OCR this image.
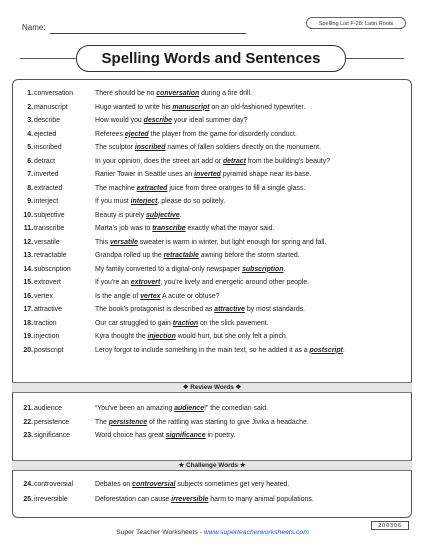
Name:	Spelling List F-28: Latin Roots
Spelling Words and Sentences
1. conversation	There should be no conversation during a fire drill.
2. manuscript	Hugo wanted to write his manuscript on an old-fashioned typewriter.
3. describe	How would you describe your ideal summer day?
4. ejected	Referees ejected the player from the game for disorderly conduct.
5. inscribed	The sculptor inscribed names of fallen soldiers directly on the monument.
6. detract	In your opinion, does the street art add or detract from the building's beauty?
7. inverted	Ranier Tower in Seattle uses an inverted pyramid shape near its base.
8. extracted	The machine extracted juice from three oranges to fill a single glass.
9. interject	If you must interject, please do so politely.
10. subjective	Beauty is purely subjective.
11. transcribe	Marta's job was to transcribe exactly what the mayor said.
12. versatile	This versatile sweater is warm in winter, but light enough for spring and fall.
13. retractable	Grandpa rolled up the retractable awning before the storm started.
14. subscription	My family converted to a digital-only newspaper subscription.
15. extrovert	If you're an extrovert, you're lively and energetic around other people.
16. vertex	Is the angle of vertex A acute or obtuse?
17. attractive	The book's protagonist is described as attractive by most standards.
18. traction	Our car struggled to gain traction on the slick pavement.
19. injection	Kyra thought the injection would hurt, but she only felt a pinch.
20. postscript	Leroy forgot to include something in the main text, so he added it as a postscript.
❖ Review Words ❖
21. audience	“You've been an amazing audience!” the comedian said.
22. persistence	The persistence of the rattling was starting to give Jivika a headache.
23. significance	Word choice has great significance in poetry.
★ Challenge Words ★
24. controversial	Debates on controversial subjects sometimes get very heated.
25. irreversible	Deforestation can cause irreversible harm to many animal populations.
Super Teacher Worksheets - www.superteacherworksheets.com
200306
